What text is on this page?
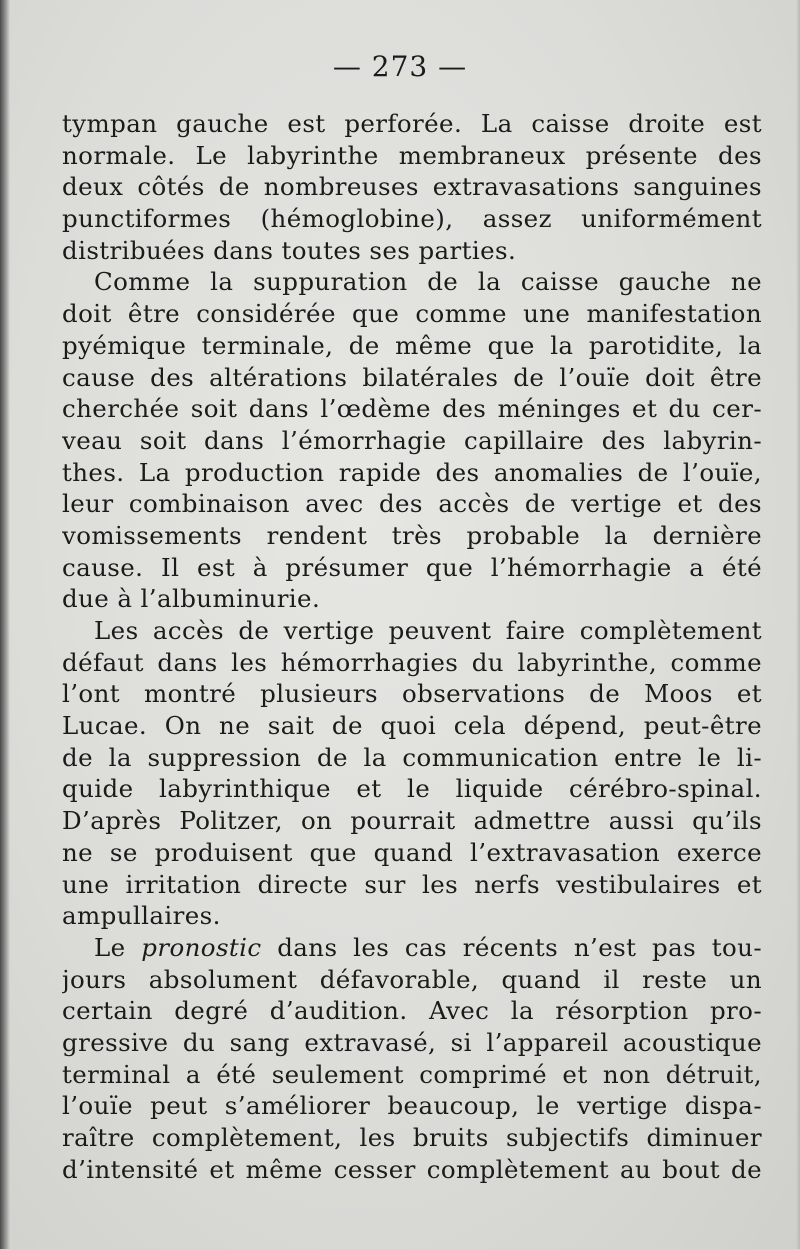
— 273 —
tympan gauche est perforée. La caisse droite est
normale. Le labyrinthe membraneux présente des
deux côtés de nombreuses extravasations sanguines
punctiformes (hémoglobine), assez uniformément
distribuées dans toutes ses parties.
Comme la suppuration de la caisse gauche ne
doit être considérée que comme une manifestation
pyémique terminale, de même que la parotidite, la
cause des altérations bilatérales de l’ouïe doit être
cherchée soit dans l’œdème des méninges et du cer-
veau soit dans l’émorrhagie capillaire des labyrin-
thes. La production rapide des anomalies de l’ouïe,
leur combinaison avec des accès de vertige et des
vomissements rendent très probable la dernière
cause. Il est à présumer que l’hémorrhagie a été
due à l’albuminurie.
Les accès de vertige peuvent faire complètement
défaut dans les hémorrhagies du labyrinthe, comme
l’ont montré plusieurs observations de Moos et
Lucae. On ne sait de quoi cela dépend, peut-être
de la suppression de la communication entre le li-
quide labyrinthique et le liquide cérébro-spinal.
D’après Politzer, on pourrait admettre aussi qu’ils
ne se produisent que quand l’extravasation exerce
une irritation directe sur les nerfs vestibulaires et
ampullaires.
Le pronostic dans les cas récents n’est pas tou-
jours absolument défavorable, quand il reste un
certain degré d’audition. Avec la résorption pro-
gressive du sang extravasé, si l’appareil acoustique
terminal a été seulement comprimé et non détruit,
l’ouïe peut s’améliorer beaucoup, le vertige dispa-
raître complètement, les bruits subjectifs diminuer
d’intensité et même cesser complètement au bout de
